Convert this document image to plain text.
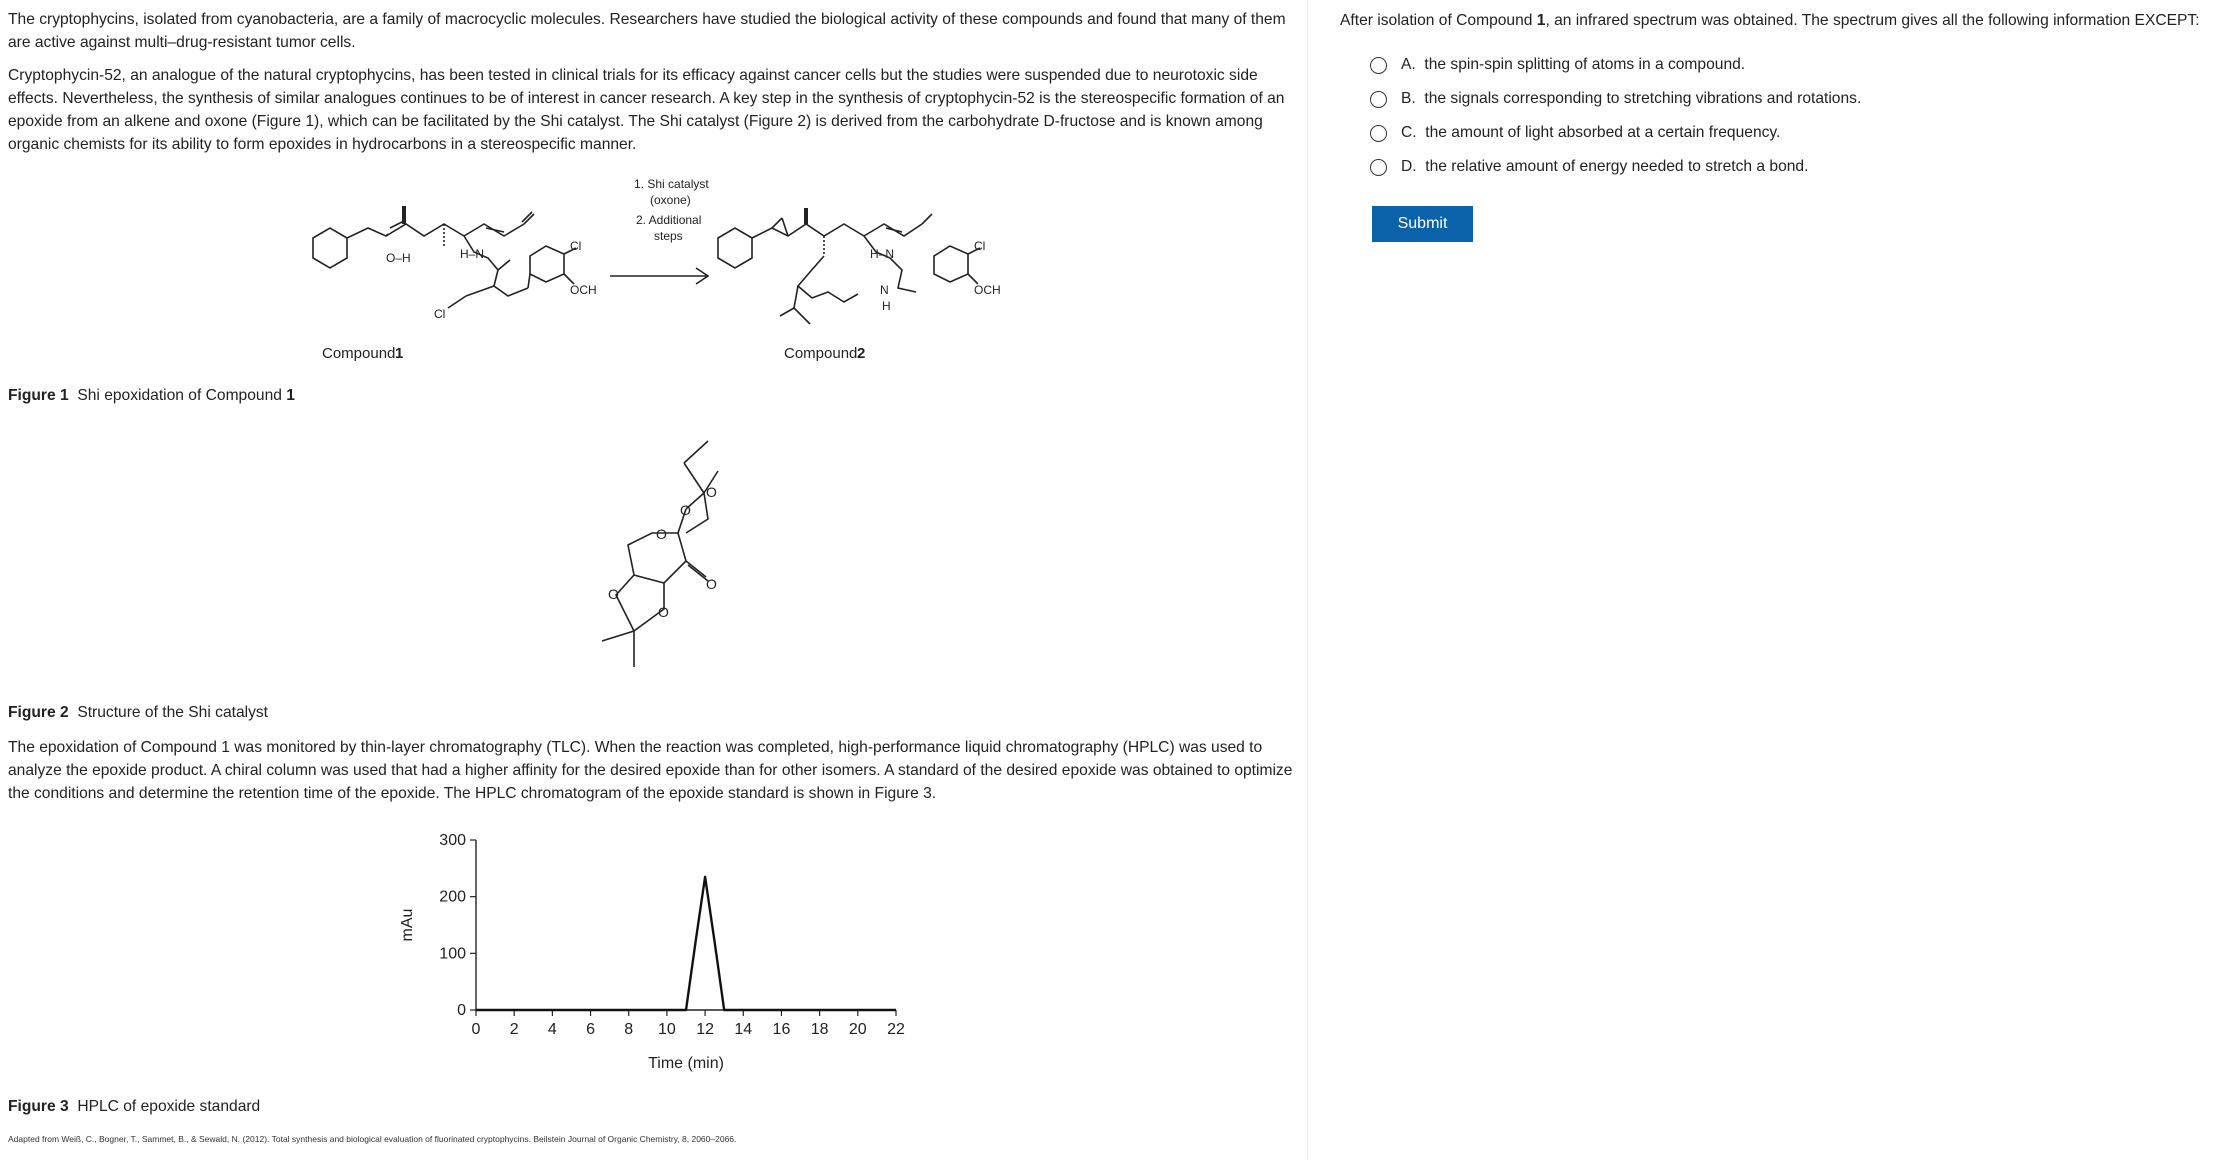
The cryptophycins, isolated from cyanobacteria, are a family of macrocyclic molecules. Researchers have studied the biological activity of these compounds and found that many of them are active against multi–drug-resistant tumor cells.

Cryptophycin-52, an analogue of the natural cryptophycins, has been tested in clinical trials for its efficacy against cancer cells but the studies were suspended due to neurotoxic side effects. Nevertheless, the synthesis of similar analogues continues to be of interest in cancer research. A key step in the synthesis of cryptophycin-52 is the stereospecific formation of an epoxide from an alkene and oxone (Figure 1), which can be facilitated by the Shi catalyst. The Shi catalyst (Figure 2) is derived from the carbohydrate D-fructose and is known among organic chemists for its ability to form epoxides in hydrocarbons in a stereospecific manner.

O–H	H–N
Cl
OCH
Cl
1. Shi catalyst
(oxone)
2. Additional
steps
H–N
Cl
OCH
N
H
Compound 1	Compound 2
Figure 1 Shi epoxidation of Compound 1
O
O
O
O
O
O
Figure 2 Structure of the Shi catalyst

The epoxidation of Compound 1 was monitored by thin-layer chromatography (TLC). When the reaction was completed, high-performance liquid chromatography (HPLC) was used to analyze the epoxide product. A chiral column was used that had a higher affinity for the desired epoxide than for other isomers. A standard of the desired epoxide was obtained to optimize the conditions and determine the retention time of the epoxide. The HPLC chromatogram of the epoxide standard is shown in Figure 3.

0 2 4 6 8 10 12 14 16 18 20 22
0
100
200
300
Time (min)
mAu
Figure 3 HPLC of epoxide standard
Adapted from Weiß, C., Bogner, T., Sammet, B., & Sewald, N. (2012). Total synthesis and biological evaluation of fluorinated cryptophycins. Beilstein Journal of Organic Chemistry, 8, 2060–2066.
After isolation of Compound 1, an infrared spectrum was obtained. The spectrum gives all the following information EXCEPT:
A.
the spin-spin splitting of atoms in a compound.
B.
the signals corresponding to stretching vibrations and rotations.
C.
the amount of light absorbed at a certain frequency.
D.
the relative amount of energy needed to stretch a bond.
Submit
